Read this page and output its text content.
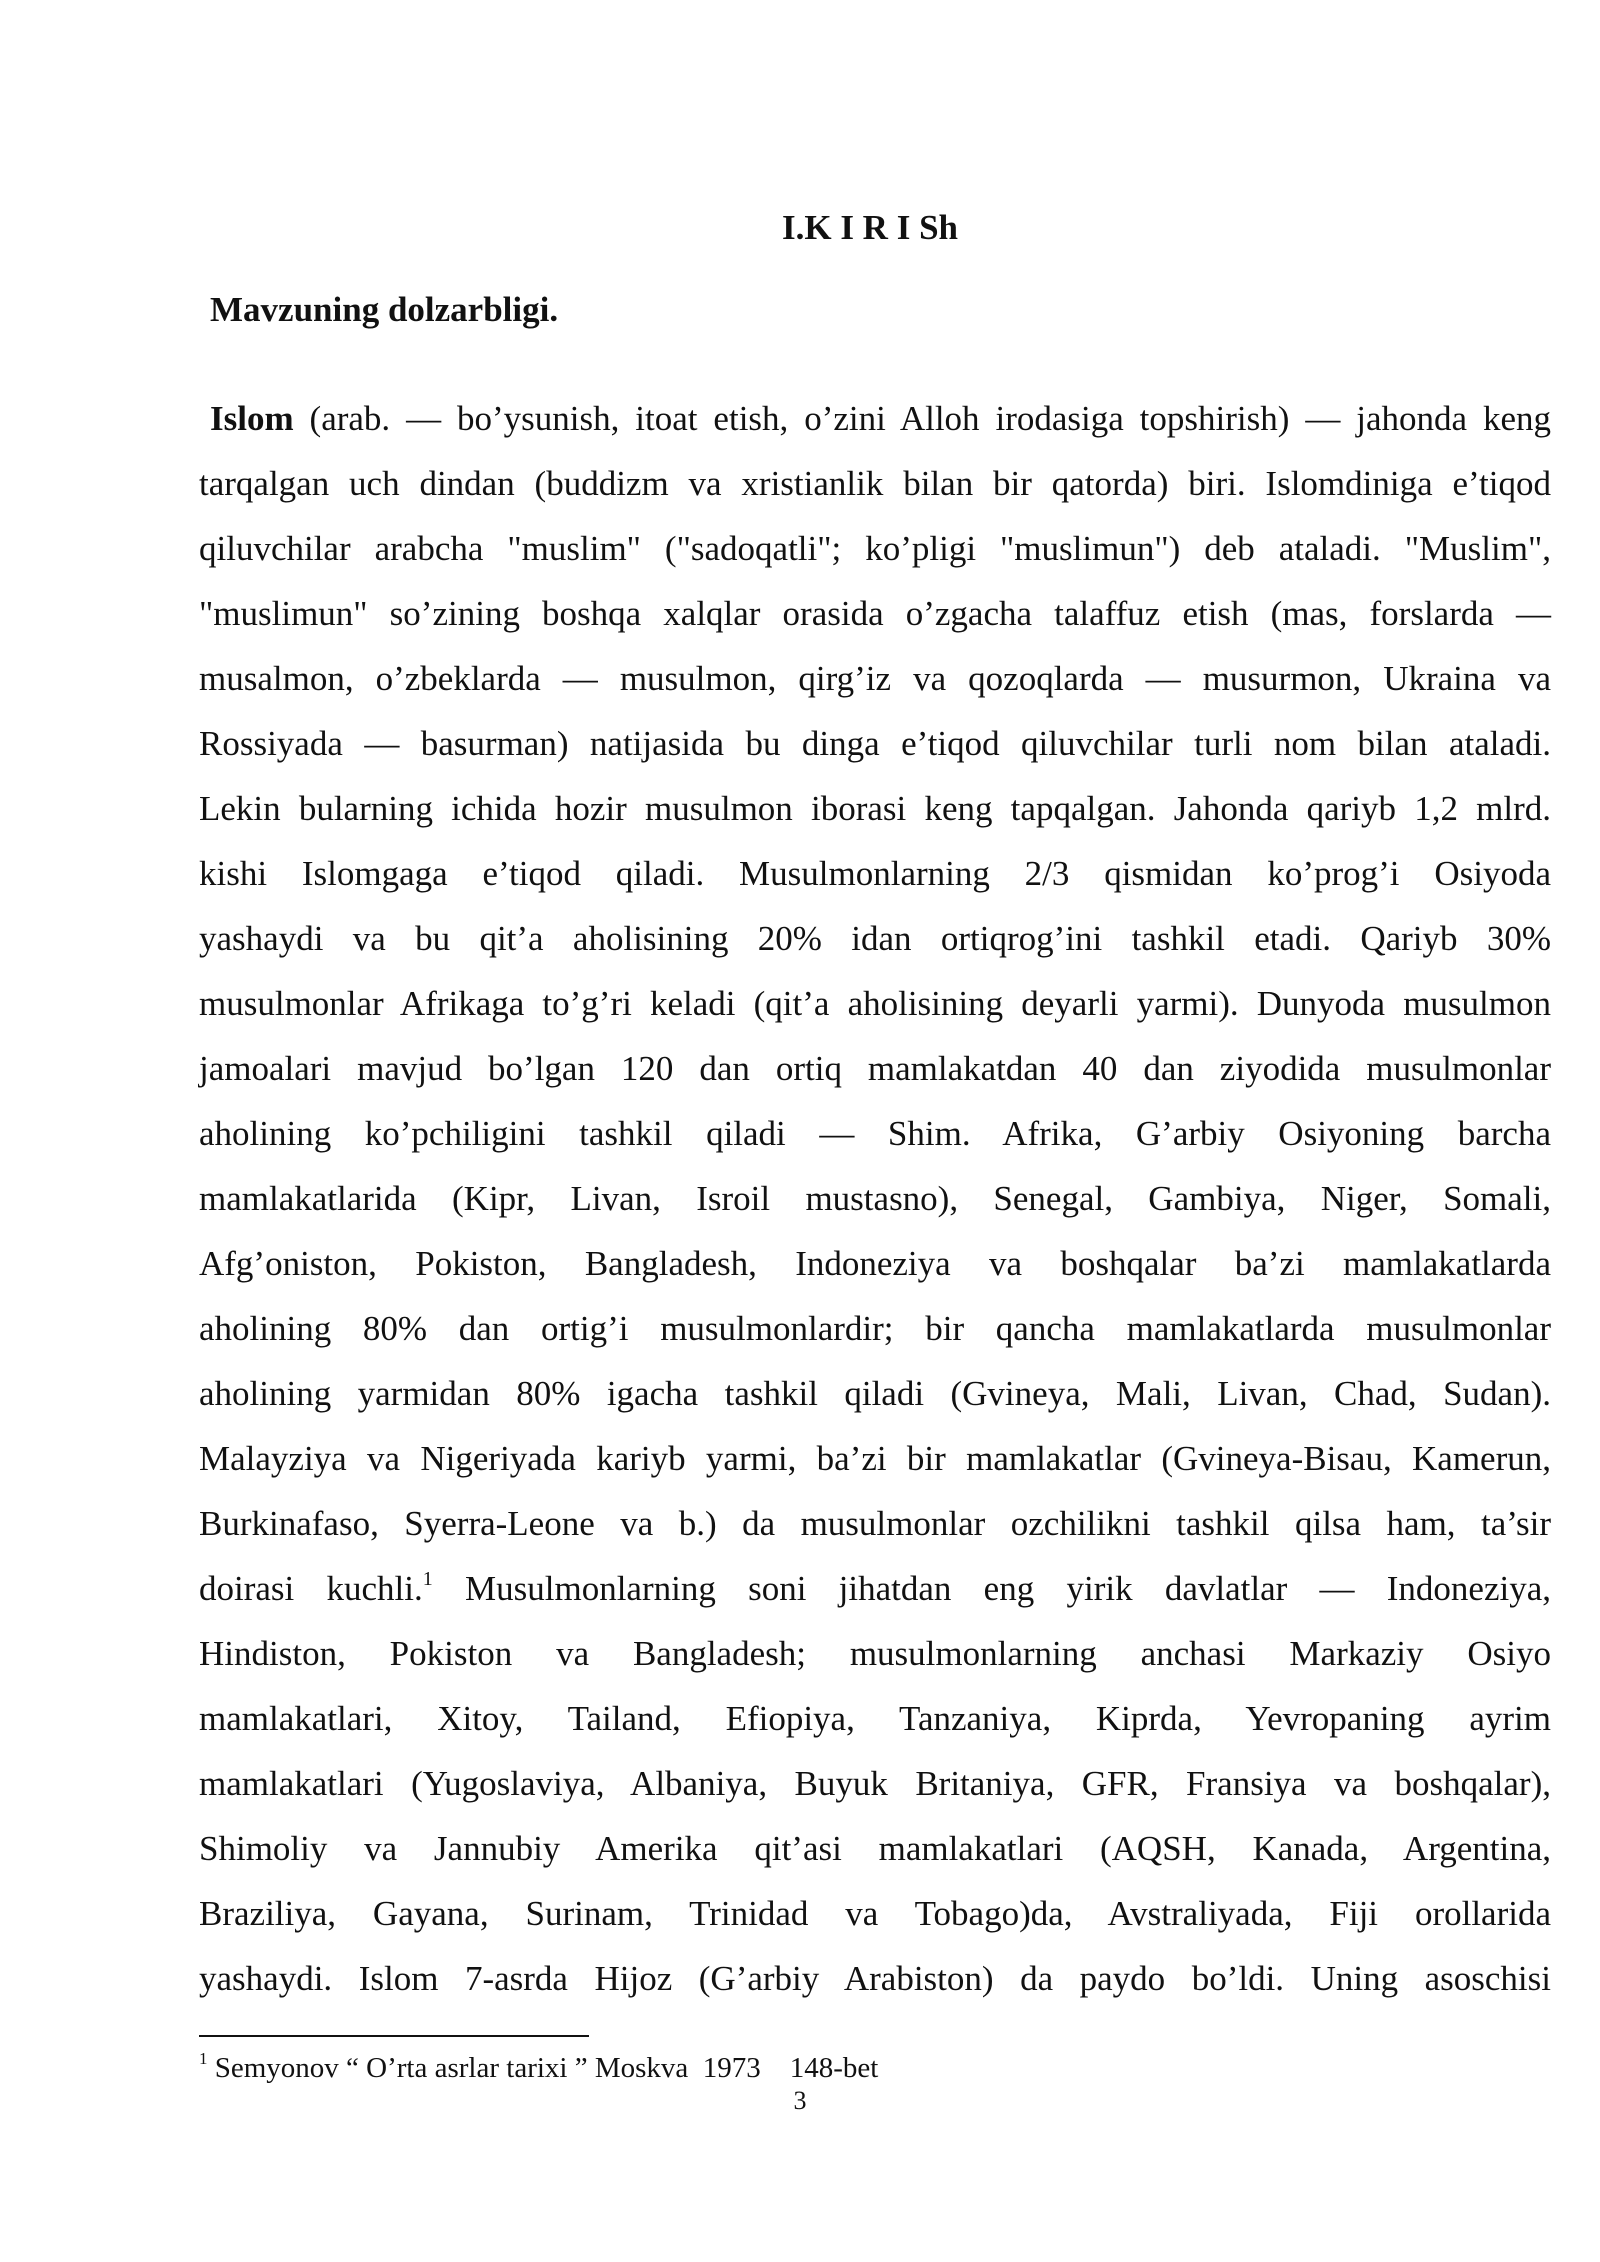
I.K I R I Sh
Mavzuning dolzarbligi.
Islom (arab. — bo’ysunish, itoat etish, o’zini Alloh irodasiga topshirish) — jahonda keng
tarqalgan uch dindan (buddizm va xristianlik bilan bir qatorda) biri. Islomdiniga e’tiqod
qiluvchilar arabcha "muslim" ("sadoqatli"; ko’pligi "muslimun") deb ataladi. "Muslim",
"muslimun" so’zining boshqa xalqlar orasida o’zgacha talaffuz etish (mas, forslarda —
musalmon, o’zbeklarda — musulmon, qirg’iz va qozoqlarda — musurmon, Ukraina va
Rossiyada — basurman) natijasida bu dinga e’tiqod qiluvchilar turli nom bilan ataladi.
Lekin bularning ichida hozir musulmon iborasi keng tapqalgan. Jahonda qariyb 1,2 mlrd.
kishi Islomgaga e’tiqod qiladi. Musulmonlarning 2/3 qismidan ko’prog’i Osiyoda
yashaydi va bu qit’a aholisining 20% idan ortiqrog’ini tashkil etadi. Qariyb 30%
musulmonlar Afrikaga to’g’ri keladi (qit’a aholisining deyarli yarmi). Dunyoda musulmon
jamoalari mavjud bo’lgan 120 dan ortiq mamlakatdan 40 dan ziyodida musulmonlar
aholining ko’pchiligini tashkil qiladi — Shim. Afrika, G’arbiy Osiyoning barcha
mamlakatlarida (Kipr, Livan, Isroil mustasno), Senegal, Gambiya, Niger, Somali,
Afg’oniston, Pokiston, Bangladesh, Indoneziya va boshqalar ba’zi mamlakatlarda
aholining 80% dan ortig’i musulmonlardir; bir qancha mamlakatlarda musulmonlar
aholining yarmidan 80% igacha tashkil qiladi (Gvineya, Mali, Livan, Chad, Sudan).
Malayziya va Nigeriyada kariyb yarmi, ba’zi bir mamlakatlar (Gvineya-Bisau, Kamerun,
Burkinafaso, Syerra-Leone va b.) da musulmonlar ozchilikni tashkil qilsa ham, ta’sir
doirasi kuchli.$^1$ Musulmonlarning soni jihatdan eng yirik davlatlar — Indoneziya,
Hindiston, Pokiston va Bangladesh; musulmonlarning anchasi Markaziy Osiyo
mamlakatlari, Xitoy, Tailand, Efiopiya, Tanzaniya, Kiprda, Yevropaning ayrim
mamlakatlari (Yugoslaviya, Albaniya, Buyuk Britaniya, GFR, Fransiya va boshqalar),
Shimoliy va Jannubiy Amerika qit’asi mamlakatlari (AQSH, Kanada, Argentina,
Braziliya, Gayana, Surinam, Trinidad va Tobago)da, Avstraliyada, Fiji orollarida
yashaydi. Islom 7-asrda Hijoz (G’arbiy Arabiston) da paydo bo’ldi. Uning asoschisi
$^1$ Semyonov “ O’rta asrlar tarixi ” Moskva  1973    148-bet
3
